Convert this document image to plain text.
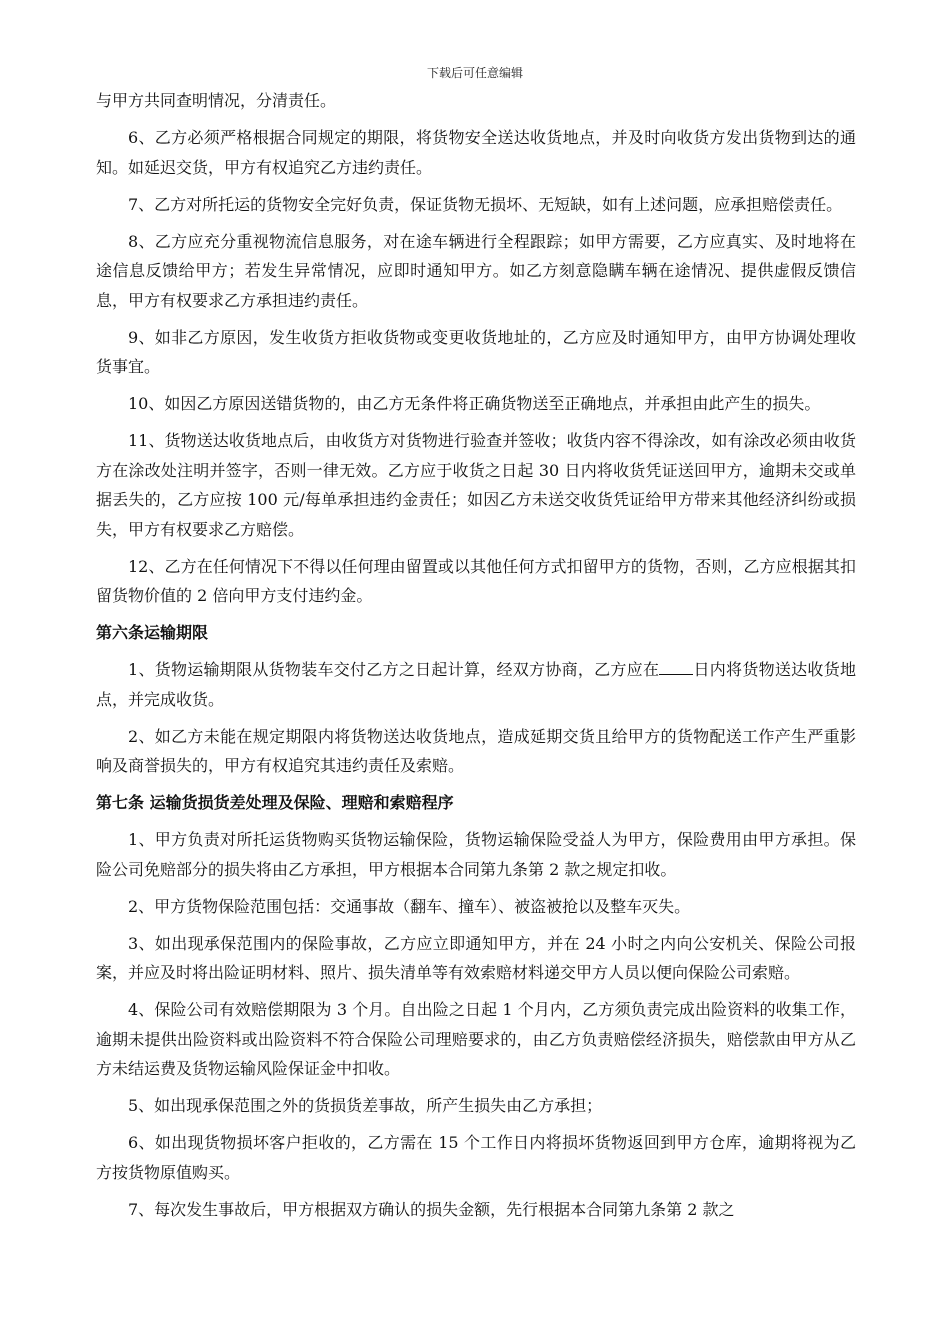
下载后可任意编辑

与甲方共同查明情况，分清责任。

6、乙方必须严格根据合同规定的期限，将货物安全送达收货地点，并及时向收货方发出货物到达的通知。如延迟交货，甲方有权追究乙方违约责任。

7、乙方对所托运的货物安全完好负责，保证货物无损坏、无短缺，如有上述问题，应承担赔偿责任。

8、乙方应充分重视物流信息服务，对在途车辆进行全程跟踪；如甲方需要，乙方应真实、及时地将在途信息反馈给甲方；若发生异常情况，应即时通知甲方。如乙方刻意隐瞒车辆在途情况、提供虚假反馈信息，甲方有权要求乙方承担违约责任。

9、如非乙方原因，发生收货方拒收货物或变更收货地址的，乙方应及时通知甲方，由甲方协调处理收货事宜。

10、如因乙方原因送错货物的，由乙方无条件将正确货物送至正确地点，并承担由此产生的损失。

11、货物送达收货地点后，由收货方对货物进行验查并签收；收货内容不得涂改，如有涂改必须由收货方在涂改处注明并签字，否则一律无效。乙方应于收货之日起 30 日内将收货凭证送回甲方，逾期未交或单据丢失的，乙方应按 100 元/每单承担违约金责任；如因乙方未送交收货凭证给甲方带来其他经济纠纷或损失，甲方有权要求乙方赔偿。

12、乙方在任何情况下不得以任何理由留置或以其他任何方式扣留甲方的货物，否则，乙方应根据其扣留货物价值的 2 倍向甲方支付违约金。

第六条运输期限

1、货物运输期限从货物装车交付乙方之日起计算，经双方协商，乙方应在 日内将货物送达收货地点，并完成收货。

2、如乙方未能在规定期限内将货物送达收货地点，造成延期交货且给甲方的货物配送工作产生严重影响及商誉损失的，甲方有权追究其违约责任及索赔。

第七条 运输货损货差处理及保险、理赔和索赔程序

1、甲方负责对所托运货物购买货物运输保险，货物运输保险受益人为甲方，保险费用由甲方承担。保险公司免赔部分的损失将由乙方承担，甲方根据本合同第九条第 2 款之规定扣收。

2、甲方货物保险范围包括：交通事故（翻车、撞车）、被盗被抢以及整车灭失。

3、如出现承保范围内的保险事故，乙方应立即通知甲方，并在 24 小时之内向公安机关、保险公司报案，并应及时将出险证明材料、照片、损失清单等有效索赔材料递交甲方人员以便向保险公司索赔。

4、保险公司有效赔偿期限为 3 个月。自出险之日起 1 个月内，乙方须负责完成出险资料的收集工作，逾期未提供出险资料或出险资料不符合保险公司理赔要求的，由乙方负责赔偿经济损失，赔偿款由甲方从乙方未结运费及货物运输风险保证金中扣收。

5、如出现承保范围之外的货损货差事故，所产生损失由乙方承担；

6、如出现货物损坏客户拒收的，乙方需在 15 个工作日内将损坏货物返回到甲方仓库，逾期将视为乙方按货物原值购买。

7、每次发生事故后，甲方根据双方确认的损失金额，先行根据本合同第九条第 2 款之
